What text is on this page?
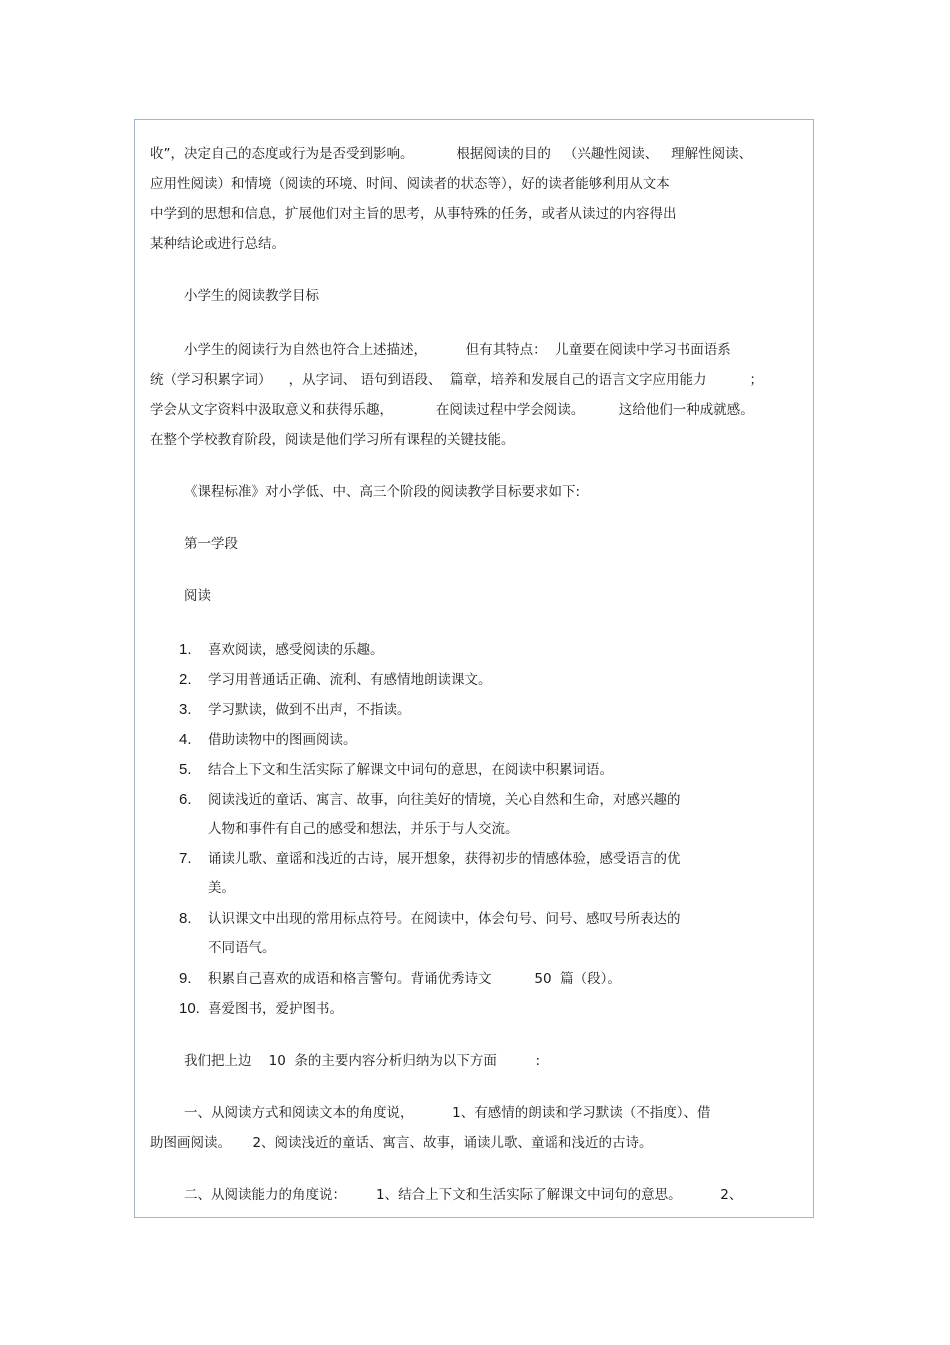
收”，决定自己的态度或行为是否受到影响。          根据阅读的目的   （兴趣性阅读、   理解性阅读、
应用性阅读）和情境（阅读的环境、时间、阅读者的状态等），好的读者能够利用从文本
中学到的思想和信息，扩展他们对主旨的思考，从事特殊的任务，或者从读过的内容得出
某种结论或进行总结。
小学生的阅读教学目标
小学生的阅读行为自然也符合上述描述，         但有其特点：  儿童要在阅读中学习书面语系
统（学习积累字词）    ，从字词、 语句到语段、  篇章，培养和发展自己的语言文字应用能力          ；
学会从文字资料中汲取意义和获得乐趣，          在阅读过程中学会阅读。        这给他们一种成就感。
在整个学校教育阶段，阅读是他们学习所有课程的关键技能。
《课程标准》对小学低、中、高三个阶段的阅读教学目标要求如下:
第一学段
阅读
1. 喜欢阅读，感受阅读的乐趣。
2. 学习用普通话正确、流利、有感情地朗读课文。
3. 学习默读，做到不出声，不指读。
4. 借助读物中的图画阅读。
5. 结合上下文和生活实际了解课文中词句的意思，在阅读中积累词语。
6. 阅读浅近的童话、寓言、故事，向往美好的情境，关心自然和生命，对感兴趣的
人物和事件有自己的感受和想法，并乐于与人交流。
7. 诵读儿歌、童谣和浅近的古诗，展开想象，获得初步的情感体验，感受语言的优
美。
8. 认识课文中出现的常用标点符号。在阅读中，体会句号、问号、感叹号所表达的
不同语气。
9. 积累自己喜欢的成语和格言警句。背诵优秀诗文          50  篇（段）。
10. 喜爱图书，爱护图书。
我们把上边    10  条的主要内容分析归纳为以下方面         :
一、从阅读方式和阅读文本的角度说，         1、有感情的朗读和学习默读（不指度）、借
助图画阅读。     2、阅读浅近的童话、寓言、故事，诵读儿歌、童谣和浅近的古诗。
二、从阅读能力的角度说：       1、结合上下文和生活实际了解课文中词句的意思。         2、
